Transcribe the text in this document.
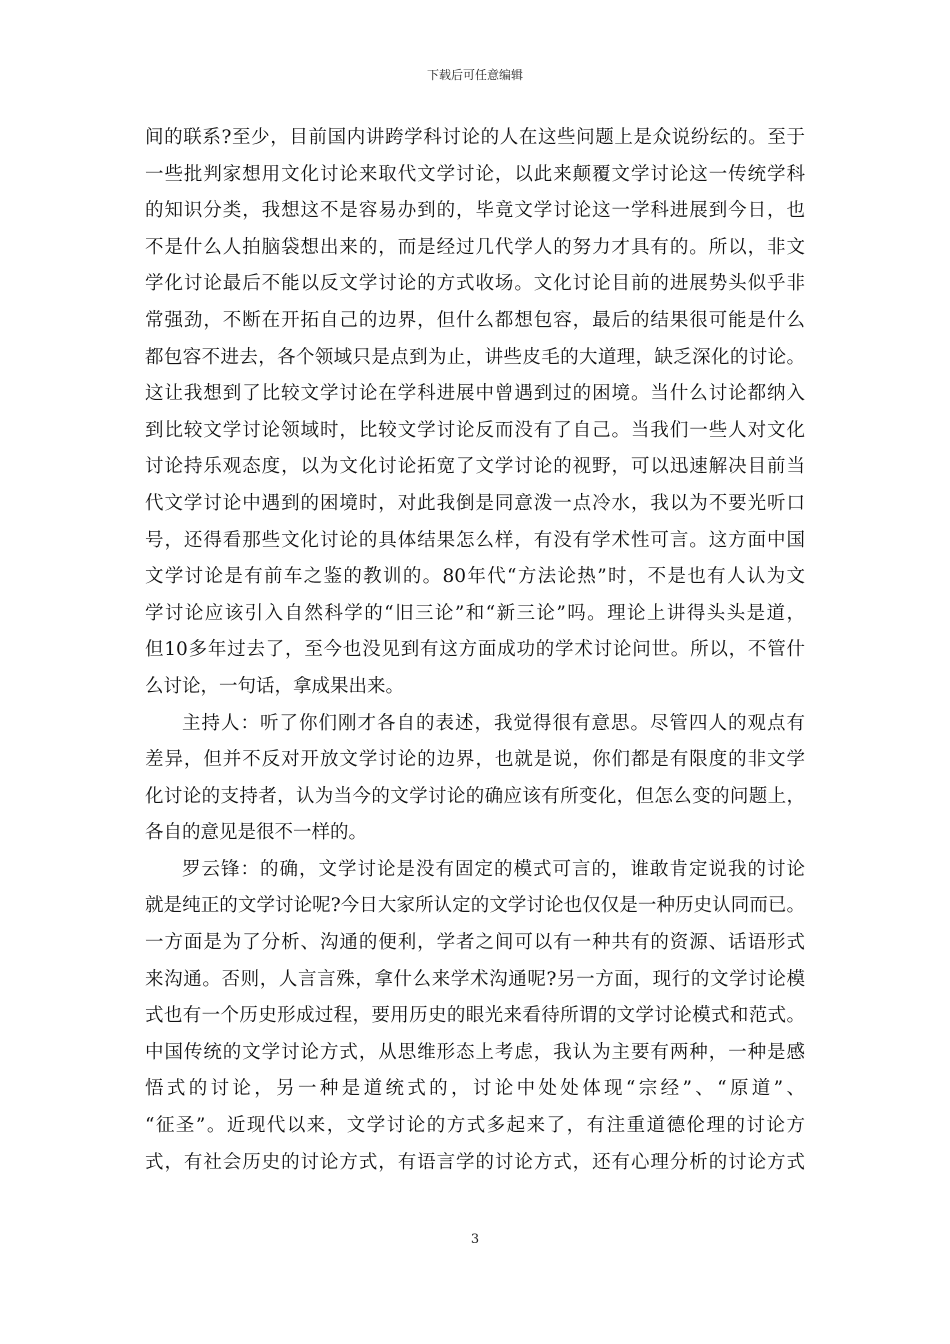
下载后可任意编辑
间的联系?至少，目前国内讲跨学科讨论的人在这些问题上是众说纷纭的。至于
一些批判家想用文化讨论来取代文学讨论，以此来颠覆文学讨论这一传统学科
的知识分类，我想这不是容易办到的，毕竟文学讨论这一学科进展到今日，也
不是什么人拍脑袋想出来的，而是经过几代学人的努力才具有的。所以，非文
学化讨论最后不能以反文学讨论的方式收场。文化讨论目前的进展势头似乎非
常强劲，不断在开拓自己的边界，但什么都想包容，最后的结果很可能是什么
都包容不进去，各个领域只是点到为止，讲些皮毛的大道理，缺乏深化的讨论。
这让我想到了比较文学讨论在学科进展中曾遇到过的困境。当什么讨论都纳入
到比较文学讨论领域时，比较文学讨论反而没有了自己。当我们一些人对文化
讨论持乐观态度，以为文化讨论拓宽了文学讨论的视野，可以迅速解决目前当
代文学讨论中遇到的困境时，对此我倒是同意泼一点冷水，我以为不要光听口
号，还得看那些文化讨论的具体结果怎么样，有没有学术性可言。这方面中国
文学讨论是有前车之鉴的教训的。80年代“方法论热”时，不是也有人认为文
学讨论应该引入自然科学的“旧三论”和“新三论”吗。理论上讲得头头是道，
但10多年过去了，至今也没见到有这方面成功的学术讨论问世。所以，不管什
么讨论，一句话，拿成果出来。
主持人：听了你们刚才各自的表述，我觉得很有意思。尽管四人的观点有
差异，但并不反对开放文学讨论的边界，也就是说，你们都是有限度的非文学
化讨论的支持者，认为当今的文学讨论的确应该有所变化，但怎么变的问题上，
各自的意见是很不一样的。
罗云锋：的确，文学讨论是没有固定的模式可言的，谁敢肯定说我的讨论
就是纯正的文学讨论呢?今日大家所认定的文学讨论也仅仅是一种历史认同而已。
一方面是为了分析、沟通的便利，学者之间可以有一种共有的资源、话语形式
来沟通。否则，人言言殊，拿什么来学术沟通呢?另一方面，现行的文学讨论模
式也有一个历史形成过程，要用历史的眼光来看待所谓的文学讨论模式和范式。
中国传统的文学讨论方式，从思维形态上考虑，我认为主要有两种，一种是感
悟式的讨论，另一种是道统式的，讨论中处处体现“宗经”、“原道”、
“征圣”。近现代以来，文学讨论的方式多起来了，有注重道德伦理的讨论方
式，有社会历史的讨论方式，有语言学的讨论方式，还有心理分析的讨论方式
3
